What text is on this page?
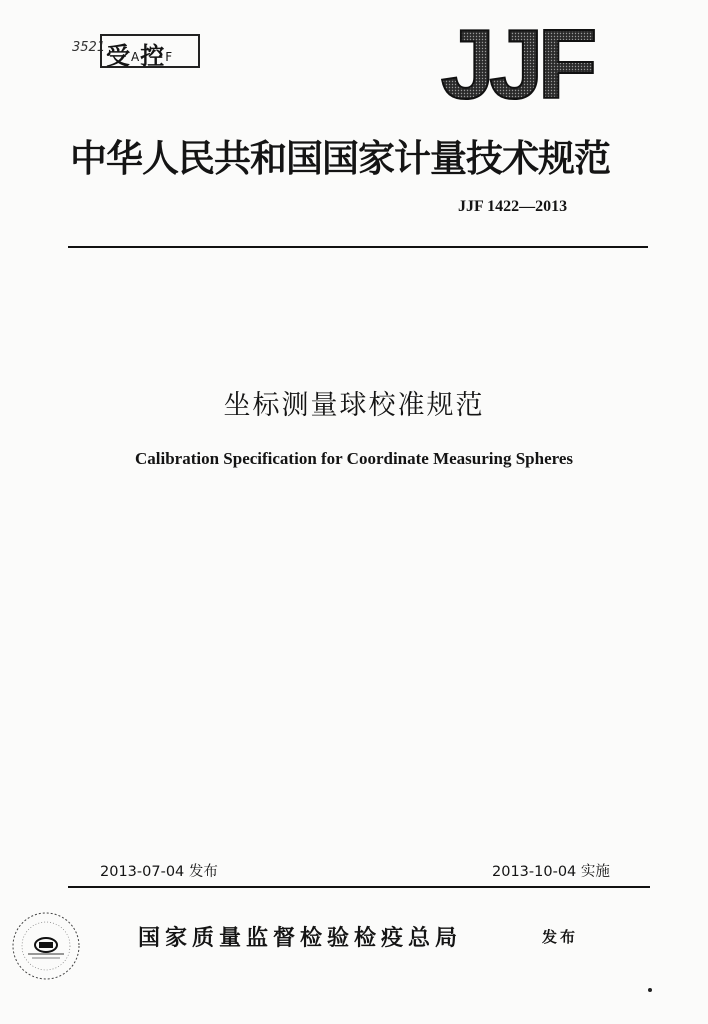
3521 受A控F	JJF
中华人民共和国国家计量技术规范
JJF 1422—2013
坐标测量球校准规范
Calibration Specification for Coordinate Measuring Spheres
2013-07-04 发布	2013-10-04 实施
国家质量监督检验检疫总局	发布
